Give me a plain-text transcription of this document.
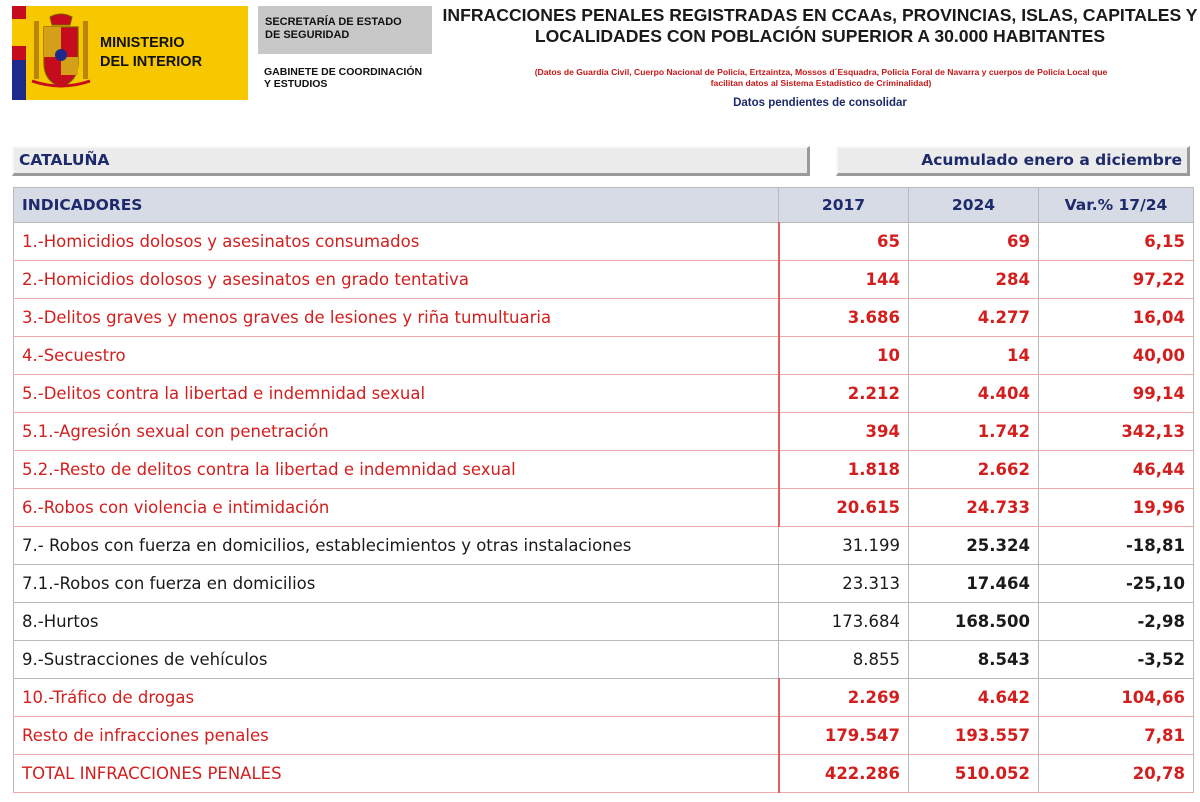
MINISTERIO
DEL INTERIOR
SECRETARÍA DE ESTADO
DE SEGURIDAD
GABINETE DE COORDINACIÓN
Y ESTUDIOS
INFRACCIONES PENALES REGISTRADAS EN CCAAs, PROVINCIAS, ISLAS, CAPITALES Y
LOCALIDADES CON POBLACIÓN SUPERIOR A 30.000 HABITANTES
(Datos de Guardia Civil, Cuerpo Nacional de Policía, Ertzaintza, Mossos d´Esquadra, Policía Foral de Navarra y cuerpos de Policía Local que
facilitan datos al Sistema Estadístico de Criminalidad)
Datos pendientes de consolidar
CATALUÑA	Acumulado enero a diciembre
INDICADORES	2017	2024	Var.% 17/24
1.-Homicidios dolosos y asesinatos consumados	65	69	6,15
2.-Homicidios dolosos y asesinatos en grado tentativa	144	284	97,22
3.-Delitos graves y menos graves de lesiones y riña tumultuaria	3.686	4.277	16,04
4.-Secuestro	10	14	40,00
5.-Delitos contra la libertad e indemnidad sexual	2.212	4.404	99,14
5.1.-Agresión sexual con penetración	394	1.742	342,13
5.2.-Resto de delitos contra la libertad e indemnidad sexual	1.818	2.662	46,44
6.-Robos con violencia e intimidación	20.615	24.733	19,96
7.- Robos con fuerza en domicilios, establecimientos y otras instalaciones	31.199	25.324	-18,81
7.1.-Robos con fuerza en domicilios	23.313	17.464	-25,10
8.-Hurtos	173.684	168.500	-2,98
9.-Sustracciones de vehículos	8.855	8.543	-3,52
10.-Tráfico de drogas	2.269	4.642	104,66
Resto de infracciones penales	179.547	193.557	7,81
TOTAL INFRACCIONES PENALES	422.286	510.052	20,78
